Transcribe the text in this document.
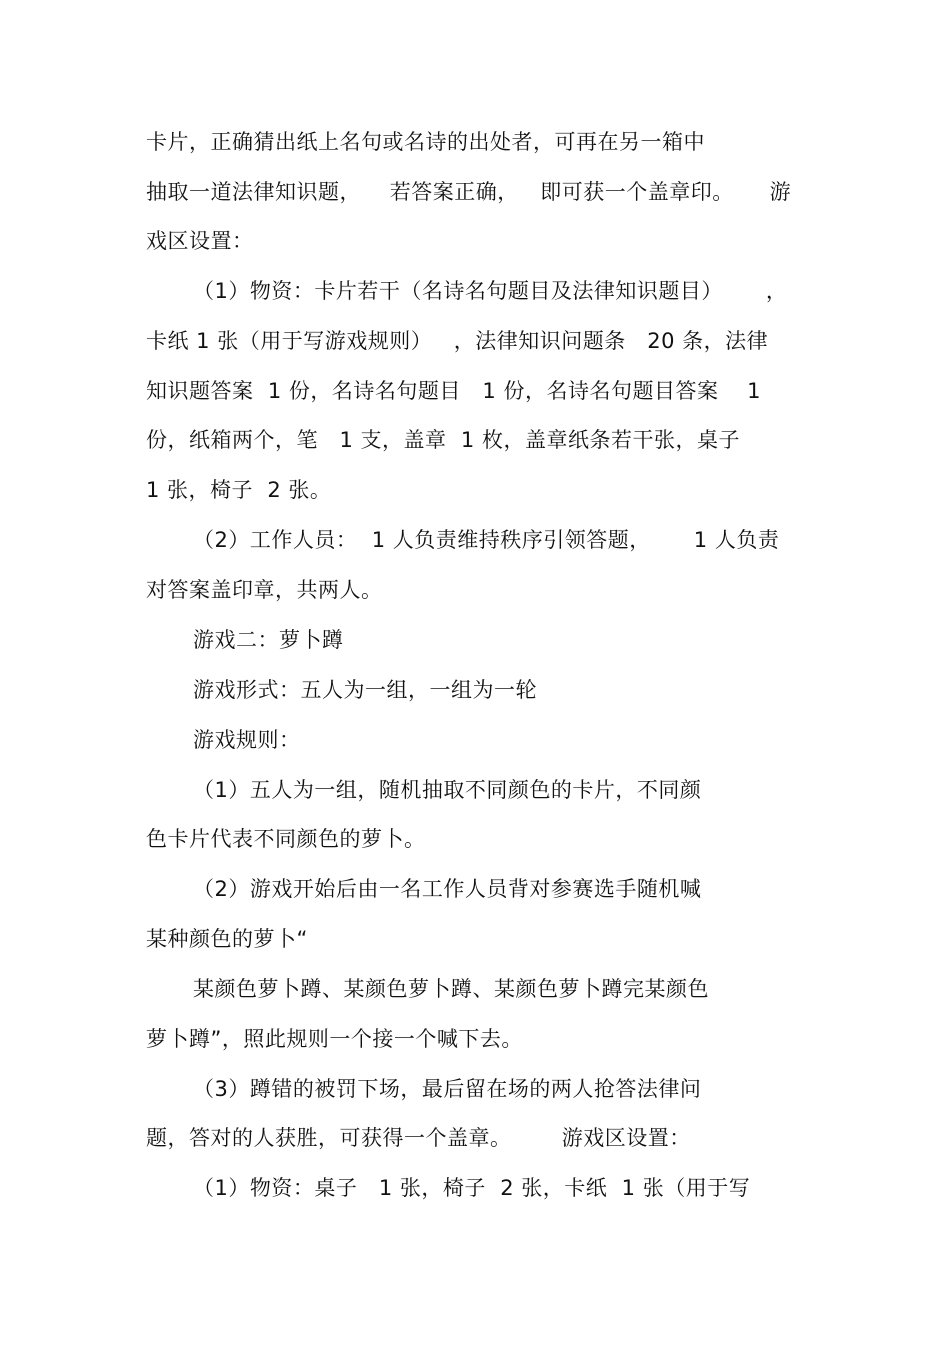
卡片，正确猜出纸上名句或名诗的出处者，可再在另一箱中
抽取一道法律知识题，    若答案正确，   即可获一个盖章印。     游
戏区设置：
（1）物资：卡片若干（名诗名句题目及法律知识题目）      ，
卡纸 1 张（用于写游戏规则）   ，法律知识问题条   20 条，法律
知识题答案  1 份，名诗名句题目   1 份，名诗名句题目答案    1
份，纸箱两个，笔   1 支，盖章  1 枚，盖章纸条若干张，桌子
1 张，椅子  2 张。
（2）工作人员：  1 人负责维持秩序引领答题，      1 人负责
对答案盖印章，共两人。
游戏二：萝卜蹲
游戏形式：五人为一组，一组为一轮
游戏规则：
（1）五人为一组，随机抽取不同颜色的卡片，不同颜
色卡片代表不同颜色的萝卜。
（2）游戏开始后由一名工作人员背对参赛选手随机喊
某种颜色的萝卜“
某颜色萝卜蹲、某颜色萝卜蹲、某颜色萝卜蹲完某颜色
萝卜蹲”，照此规则一个接一个喊下去。
（3）蹲错的被罚下场，最后留在场的两人抢答法律问
题，答对的人获胜，可获得一个盖章。       游戏区设置：
（1）物资：桌子   1 张，椅子  2 张，卡纸  1 张（用于写
